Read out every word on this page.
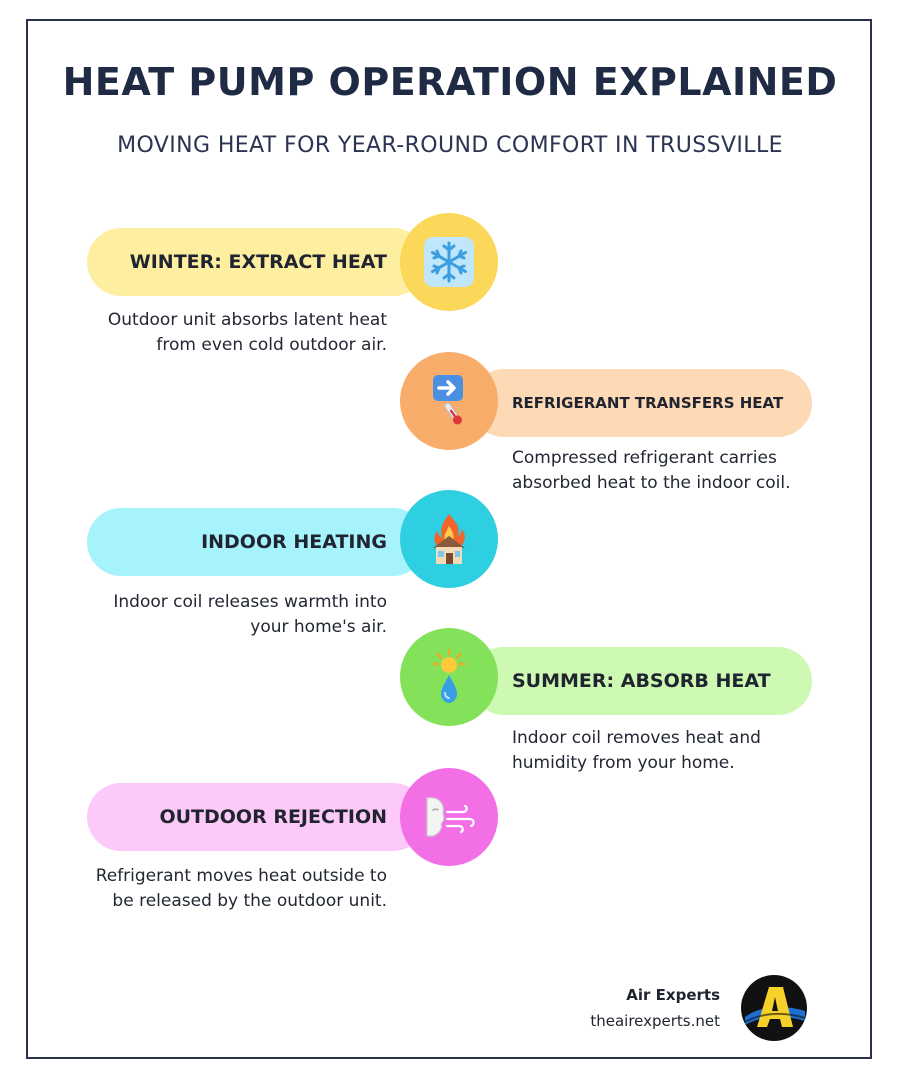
HEAT PUMP OPERATION EXPLAINED

MOVING HEAT FOR YEAR-ROUND COMFORT IN TRUSSVILLE

WINTER: EXTRACT HEAT

Outdoor unit absorbs latent heat from even cold outdoor air.

REFRIGERANT TRANSFERS HEAT

Compressed refrigerant carries absorbed heat to the indoor coil.

INDOOR HEATING

Indoor coil releases warmth into your home's air.

SUMMER: ABSORB HEAT

Indoor coil removes heat and humidity from your home.

OUTDOOR REJECTION

Refrigerant moves heat outside to be released by the outdoor unit.

Air Experts
theairexperts.net
